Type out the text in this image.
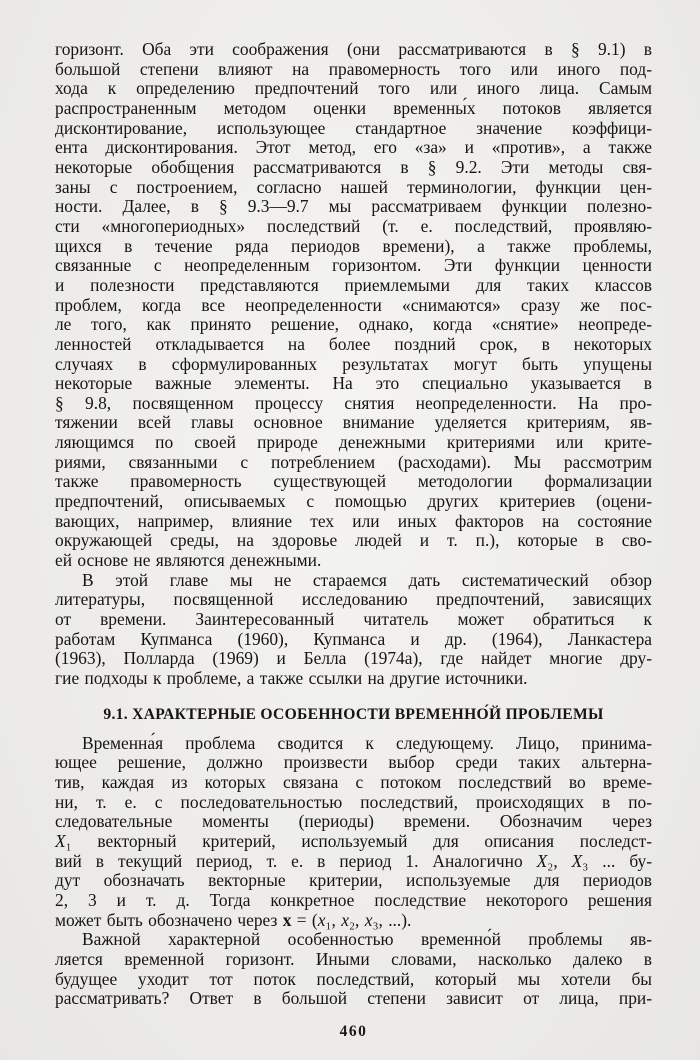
горизонт. Оба эти соображения (они рассматриваются в § 9.1) в
большой степени влияют на правомерность того или иного под-
хода к определению предпочтений того или иного лица. Самым
распространенным методом оценки временны́х потоков является
дисконтирование, использующее стандартное значение коэффици-
ента дисконтирования. Этот метод, его «за» и «против», а также
некоторые обобщения рассматриваются в § 9.2. Эти методы свя-
заны с построением, согласно нашей терминологии, функции цен-
ности. Далее, в § 9.3—9.7 мы рассматриваем функции полезно-
сти «многопериодных» последствий (т. е. последствий, проявляю-
щихся в течение ряда периодов времени), а также проблемы,
связанные с неопределенным горизонтом. Эти функции ценности
и полезности представляются приемлемыми для таких классов
проблем, когда все неопределенности «снимаются» сразу же пос-
ле того, как принято решение, однако, когда «снятие» неопреде-
ленностей откладывается на более поздний срок, в некоторых
случаях в сформулированных результатах могут быть упущены
некоторые важные элементы. На это специально указывается в
§ 9.8, посвященном процессу снятия неопределенности. На про-
тяжении всей главы основное внимание уделяется критериям, яв-
ляющимся по своей природе денежными критериями или крите-
риями, связанными с потреблением (расходами). Мы рассмотрим
также правомерность существующей методологии формализации
предпочтений, описываемых с помощью других критериев (оцени-
вающих, например, влияние тех или иных факторов на состояние
окружающей среды, на здоровье людей и т. п.), которые в сво-
ей основе не являются денежными.
В этой главе мы не стараемся дать систематический обзор
литературы, посвященной исследованию предпочтений, зависящих
от времени. Заинтересованный читатель может обратиться к
работам Купманса (1960), Купманса и др. (1964), Ланкастера
(1963), Полларда (1969) и Белла (1974а), где найдет многие дру-
гие подходы к проблеме, а также ссылки на другие источники.
9.1. ХАРАКТЕРНЫЕ ОСОБЕННОСТИ ВРЕМЕННО́Й ПРОБЛЕМЫ
Временна́я проблема сводится к следующему. Лицо, принима-
ющее решение, должно произвести выбор среди таких альтерна-
тив, каждая из которых связана с потоком последствий во време-
ни, т. е. с последовательностью последствий, происходящих в по-
следовательные моменты (периоды) времени. Обозначим через
X₁ векторный критерий, используемый для описания последст-
вий в текущий период, т. е. в период 1. Аналогично X₂, X₃ ... бу-
дут обозначать векторные критерии, используемые для периодов
2, 3 и т. д. Тогда конкретное последствие некоторого решения
может быть обозначено через x = (x₁, x₂, x₃, ...).
Важной характерной особенностью временно́й проблемы яв-
ляется временной горизонт. Иными словами, насколько далеко в
будущее уходит тот поток последствий, который мы хотели бы
рассматривать? Ответ в большой степени зависит от лица, при-
460
